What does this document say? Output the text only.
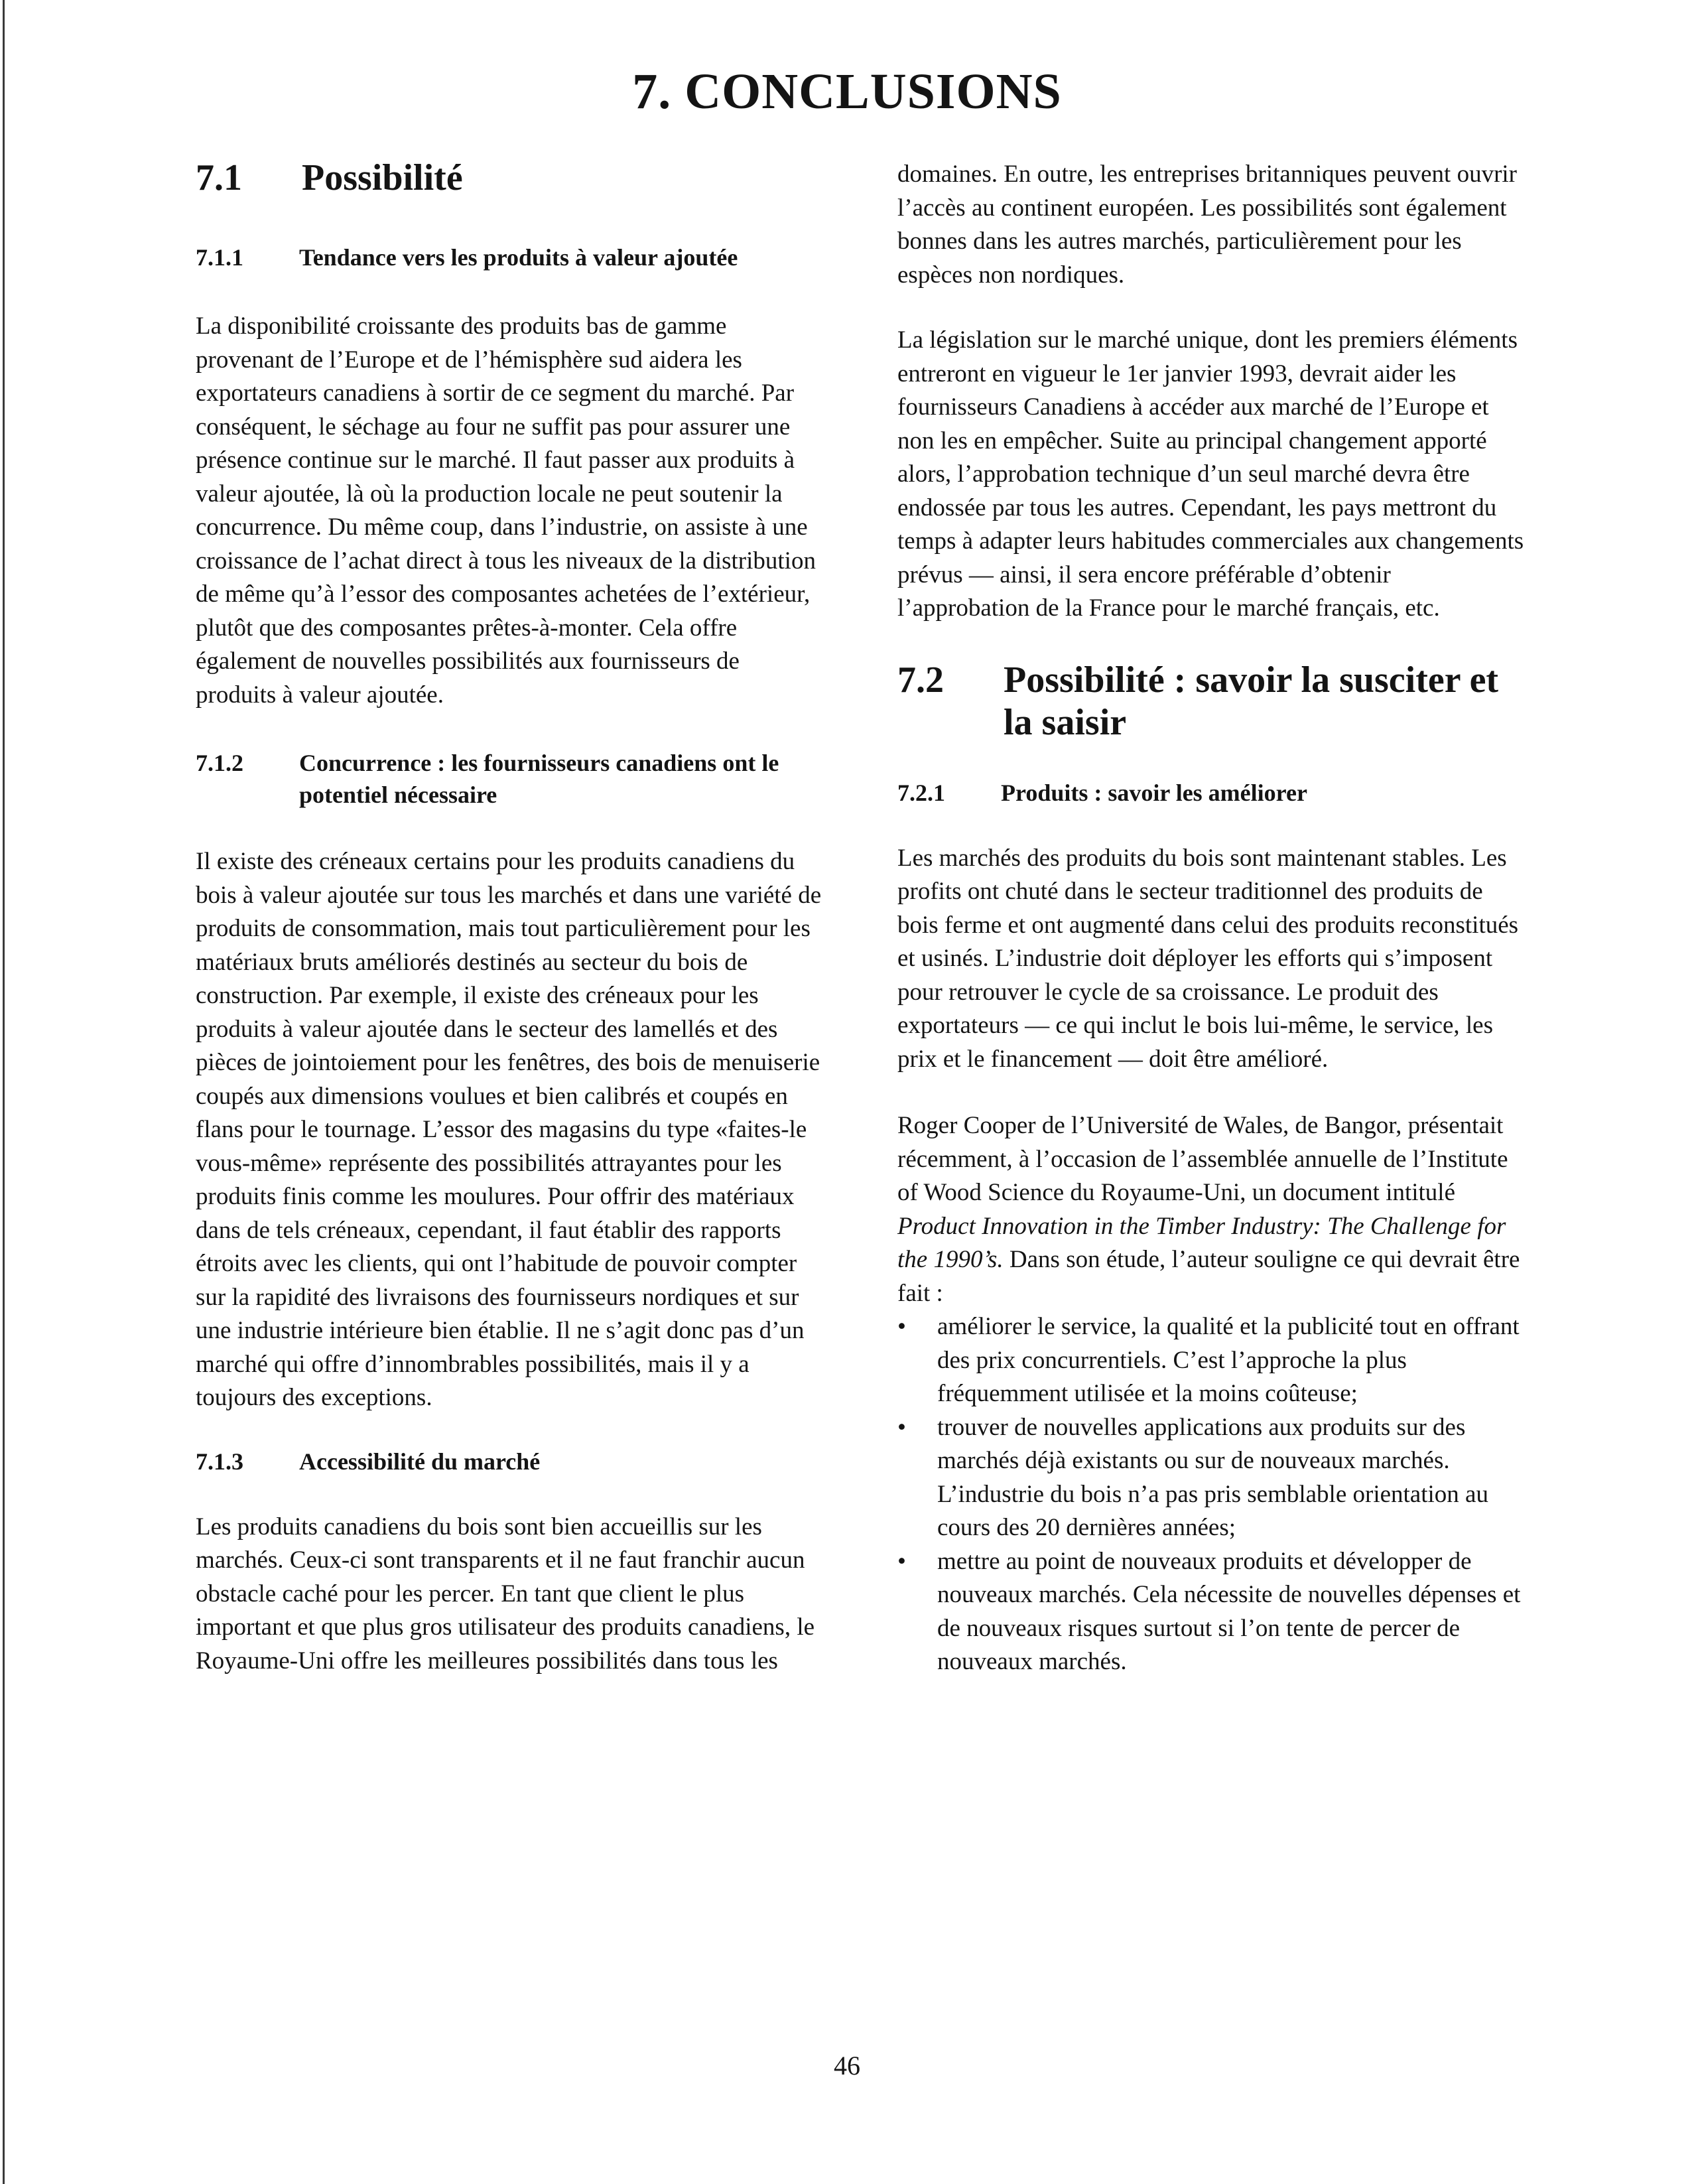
7. CONCLUSIONS
7.1	Possibilité
7.1.1	Tendance vers les produits à valeur ajoutée

La disponibilité croissante des produits bas de gamme provenant de l’Europe et de l’hémisphère sud aidera les exportateurs canadiens à sortir de ce segment du marché. Par conséquent, le séchage au four ne suffit pas pour assurer une présence continue sur le marché. Il faut passer aux produits à valeur ajoutée, là où la production locale ne peut soutenir la concurrence. Du même coup, dans l’industrie, on assiste à une croissance de l’achat direct à tous les niveaux de la distribution de même qu’à l’essor des composantes achetées de l’extérieur, plutôt que des composantes prêtes-à-monter. Cela offre également de nouvelles possibilités aux fournisseurs de produits à valeur ajoutée.

7.1.2	Concurrence : les fournisseurs canadiens ont le potentiel nécessaire

Il existe des créneaux certains pour les produits canadiens du bois à valeur ajoutée sur tous les marchés et dans une variété de produits de consommation, mais tout particulièrement pour les matériaux bruts améliorés destinés au secteur du bois de construction. Par exemple, il existe des créneaux pour les produits à valeur ajoutée dans le secteur des lamellés et des pièces de jointoiement pour les fenêtres, des bois de menuiserie coupés aux dimensions voulues et bien calibrés et coupés en flans pour le tournage. L’essor des magasins du type «faites-le vous-même» représente des possibilités attrayantes pour les produits finis comme les moulures. Pour offrir des matériaux dans de tels créneaux, cependant, il faut établir des rapports étroits avec les clients, qui ont l’habitude de pouvoir compter sur la rapidité des livraisons des fournisseurs nordiques et sur une industrie intérieure bien établie. Il ne s’agit donc pas d’un marché qui offre d’innombrables possibilités, mais il y a toujours des exceptions.

7.1.3	Accessibilité du marché

Les produits canadiens du bois sont bien accueillis sur les marchés. Ceux-ci sont transparents et il ne faut franchir aucun obstacle caché pour les percer. En tant que client le plus important et que plus gros utilisateur des produits canadiens, le Royaume-Uni offre les meilleures possibilités dans tous les

domaines. En outre, les entreprises britanniques peuvent ouvrir l’accès au continent européen. Les possibilités sont également bonnes dans les autres marchés, particulièrement pour les espèces non nordiques.

La législation sur le marché unique, dont les premiers éléments entreront en vigueur le 1er janvier 1993, devrait aider les fournisseurs Canadiens à accéder aux marché de l’Europe et non les en empêcher. Suite au principal changement apporté alors, l’approbation technique d’un seul marché devra être endossée par tous les autres. Cependant, les pays mettront du temps à adapter leurs habitudes commerciales aux changements prévus — ainsi, il sera encore préférable d’obtenir l’approbation de la France pour le marché français, etc.

7.2	Possibilité : savoir la susciter et la saisir
7.2.1	Produits : savoir les améliorer

Les marchés des produits du bois sont maintenant stables. Les profits ont chuté dans le secteur traditionnel des produits de bois ferme et ont augmenté dans celui des produits reconstitués et usinés. L’industrie doit déployer les efforts qui s’imposent pour retrouver le cycle de sa croissance. Le produit des exportateurs — ce qui inclut le bois lui-même, le service, les prix et le financement — doit être amélioré.

Roger Cooper de l’Université de Wales, de Bangor, présentait récemment, à l’occasion de l’assemblée annuelle de l’Institute of Wood Science du Royaume-Uni, un document intitulé Product Innovation in the Timber Industry: The Challenge for the 1990’s. Dans son étude, l’auteur souligne ce qui devrait être fait :

• améliorer le service, la qualité et la publicité tout en offrant des prix concurrentiels. C’est l’approche la plus fréquemment utilisée et la moins coûteuse;
• trouver de nouvelles applications aux produits sur des marchés déjà existants ou sur de nouveaux marchés. L’industrie du bois n’a pas pris semblable orientation au cours des 20 dernières années;
• mettre au point de nouveaux produits et développer de nouveaux marchés. Cela nécessite de nouvelles dépenses et de nouveaux risques surtout si l’on tente de percer de nouveaux marchés.
46
